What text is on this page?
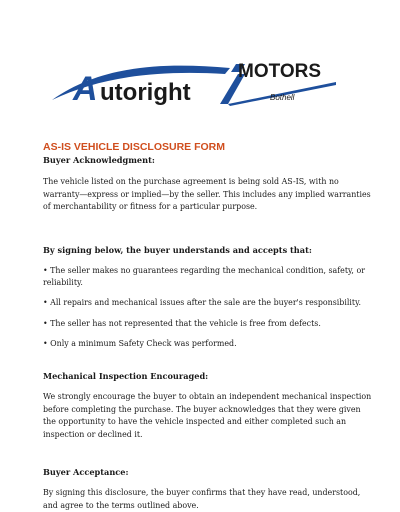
A utoright
MOTORS
Bothell
AS-IS VEHICLE DISCLOSURE FORM
Buyer Acknowledgment:

The vehicle listed on the purchase agreement is being sold AS-IS, with no warranty—express or implied—by the seller. This includes any implied warranties of merchantability or fitness for a particular purpose.

By signing below, the buyer understands and accepts that:
• The seller makes no guarantees regarding the mechanical condition, safety, or reliability.
• All repairs and mechanical issues after the sale are the buyer's responsibility.
• The seller has not represented that the vehicle is free from defects.
• Only a minimum Safety Check was performed.
Mechanical Inspection Encouraged:

We strongly encourage the buyer to obtain an independent mechanical inspection before completing the purchase. The buyer acknowledges that they were given the opportunity to have the vehicle inspected and either completed such an inspection or declined it.

Buyer Acceptance:

By signing this disclosure, the buyer confirms that they have read, understood, and agree to the terms outlined above.
